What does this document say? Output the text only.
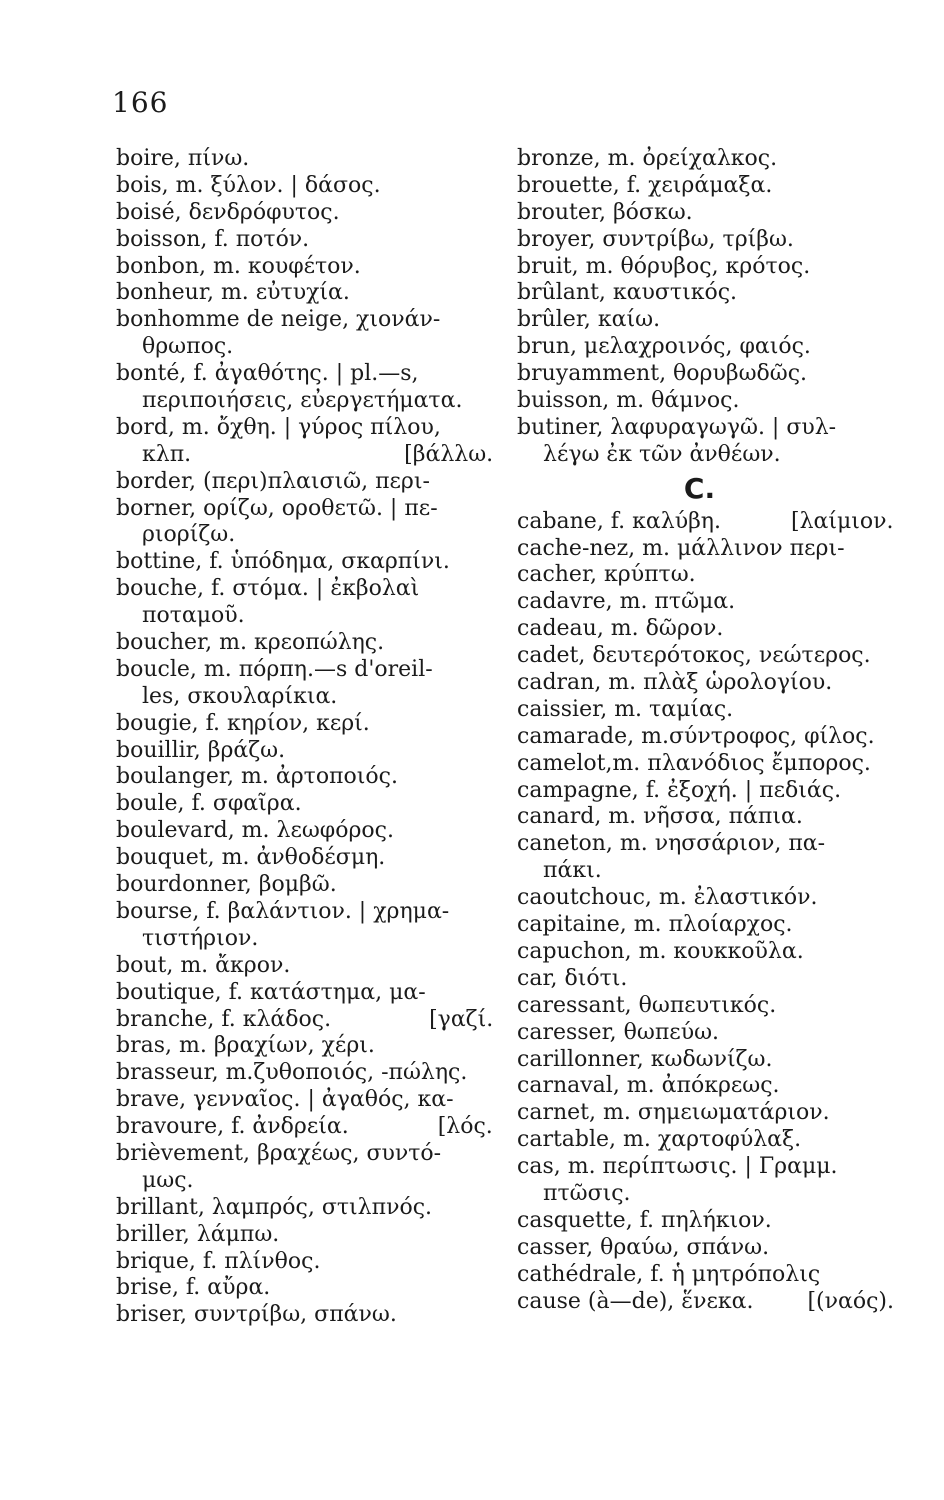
166
boire, πίνω.
bois, m. ξύλον. | δάσος.
boisé, δενδρόφυτος.
boisson, f. ποτόν.
bonbon, m. κουφέτον.
bonheur, m. εὐτυχία.
bonhomme de neige, χιονάν-
θρωπος.
bonté, f. ἀγαθότης. | pl.—s,
περιποιήσεις, εὐεργετήματα.
bord, m. ὄχθη. | γύρος πίλου,
κλπ.	[βάλλω.
border, (περι)πλαισιῶ, περι-
borner, ορίζω, οροθετῶ. | πε-
ριορίζω.
bottine, f. ὑπόδημα, σκαρπίνι.
bouche, f. στόμα. | ἐκβολαὶ
ποταμοῦ.
boucher, m. κρεοπώλης.
boucle, m. πόρπη.—s d'oreil-
les, σκουλαρίκια.
bougie, f. κηρίον, κερί.
bouillir, βράζω.
boulanger, m. ἀρτοποιός.
boule, f. σφαῖρα.
boulevard, m. λεωφόρος.
bouquet, m. ἀνθοδέσμη.
bourdonner, βομβῶ.
bourse, f. βαλάντιον. | χρημα-
τιστήριον.
bout, m. ἄκρον.
boutique, f. κατάστημα, μα-
branche, f. κλάδος.	[γαζί.
bras, m. βραχίων, χέρι.
brasseur, m.ζυθοποιός, -πώλης.
brave, γενναῖος. | ἀγαθός, κα-
bravoure, f. ἀνδρεία.	[λός.
brièvement, βραχέως, συντό-
μως.
brillant, λαμπρός, στιλπνός.
briller, λάμπω.
brique, f. πλίνθος.
brise, f. αὔρα.
briser, συντρίβω, σπάνω.
bronze, m. ὀρείχαλκος.
brouette, f. χειράμαξα.
brouter, βόσκω.
broyer, συντρίβω, τρίβω.
bruit, m. θόρυβος, κρότος.
brûlant, καυστικός.
brûler, καίω.
brun, μελαχροινός, φαιός.
bruyamment, θορυβωδῶς.
buisson, m. θάμνος.
butiner, λαφυραγωγῶ. | συλ-
λέγω ἐκ τῶν ἀνθέων.
C.
cabane, f. καλύβη.	[λαίμιον.
cache-nez, m. μάλλινον περι-
cacher, κρύπτω.
cadavre, m. πτῶμα.
cadeau, m. δῶρον.
cadet, δευτερότοκος, νεώτερος.
cadran, m. πλὰξ ὡρολογίου.
caissier, m. ταμίας.
camarade, m.σύντροφος, φίλος.
camelot,m. πλανόδιος ἔμπορος.
campagne, f. ἐξοχή. | πεδιάς.
canard, m. νῆσσα, πάπια.
caneton, m. νησσάριον, πα-
πάκι.
caoutchouc, m. ἐλαστικόν.
capitaine, m. πλοίαρχος.
capuchon, m. κουκκοῦλα.
car, διότι.
caressant, θωπευτικός.
caresser, θωπεύω.
carillonner, κωδωνίζω.
carnaval, m. ἀπόκρεως.
carnet, m. σημειωματάριον.
cartable, m. χαρτοφύλαξ.
cas, m. περίπτωσις. | Γραμμ.
πτῶσις.
casquette, f. πηλήκιον.
casser, θραύω, σπάνω.
cathédrale, f. ἡ μητρόπολις
cause (à—de), ἕνεκα. [(ναός).
